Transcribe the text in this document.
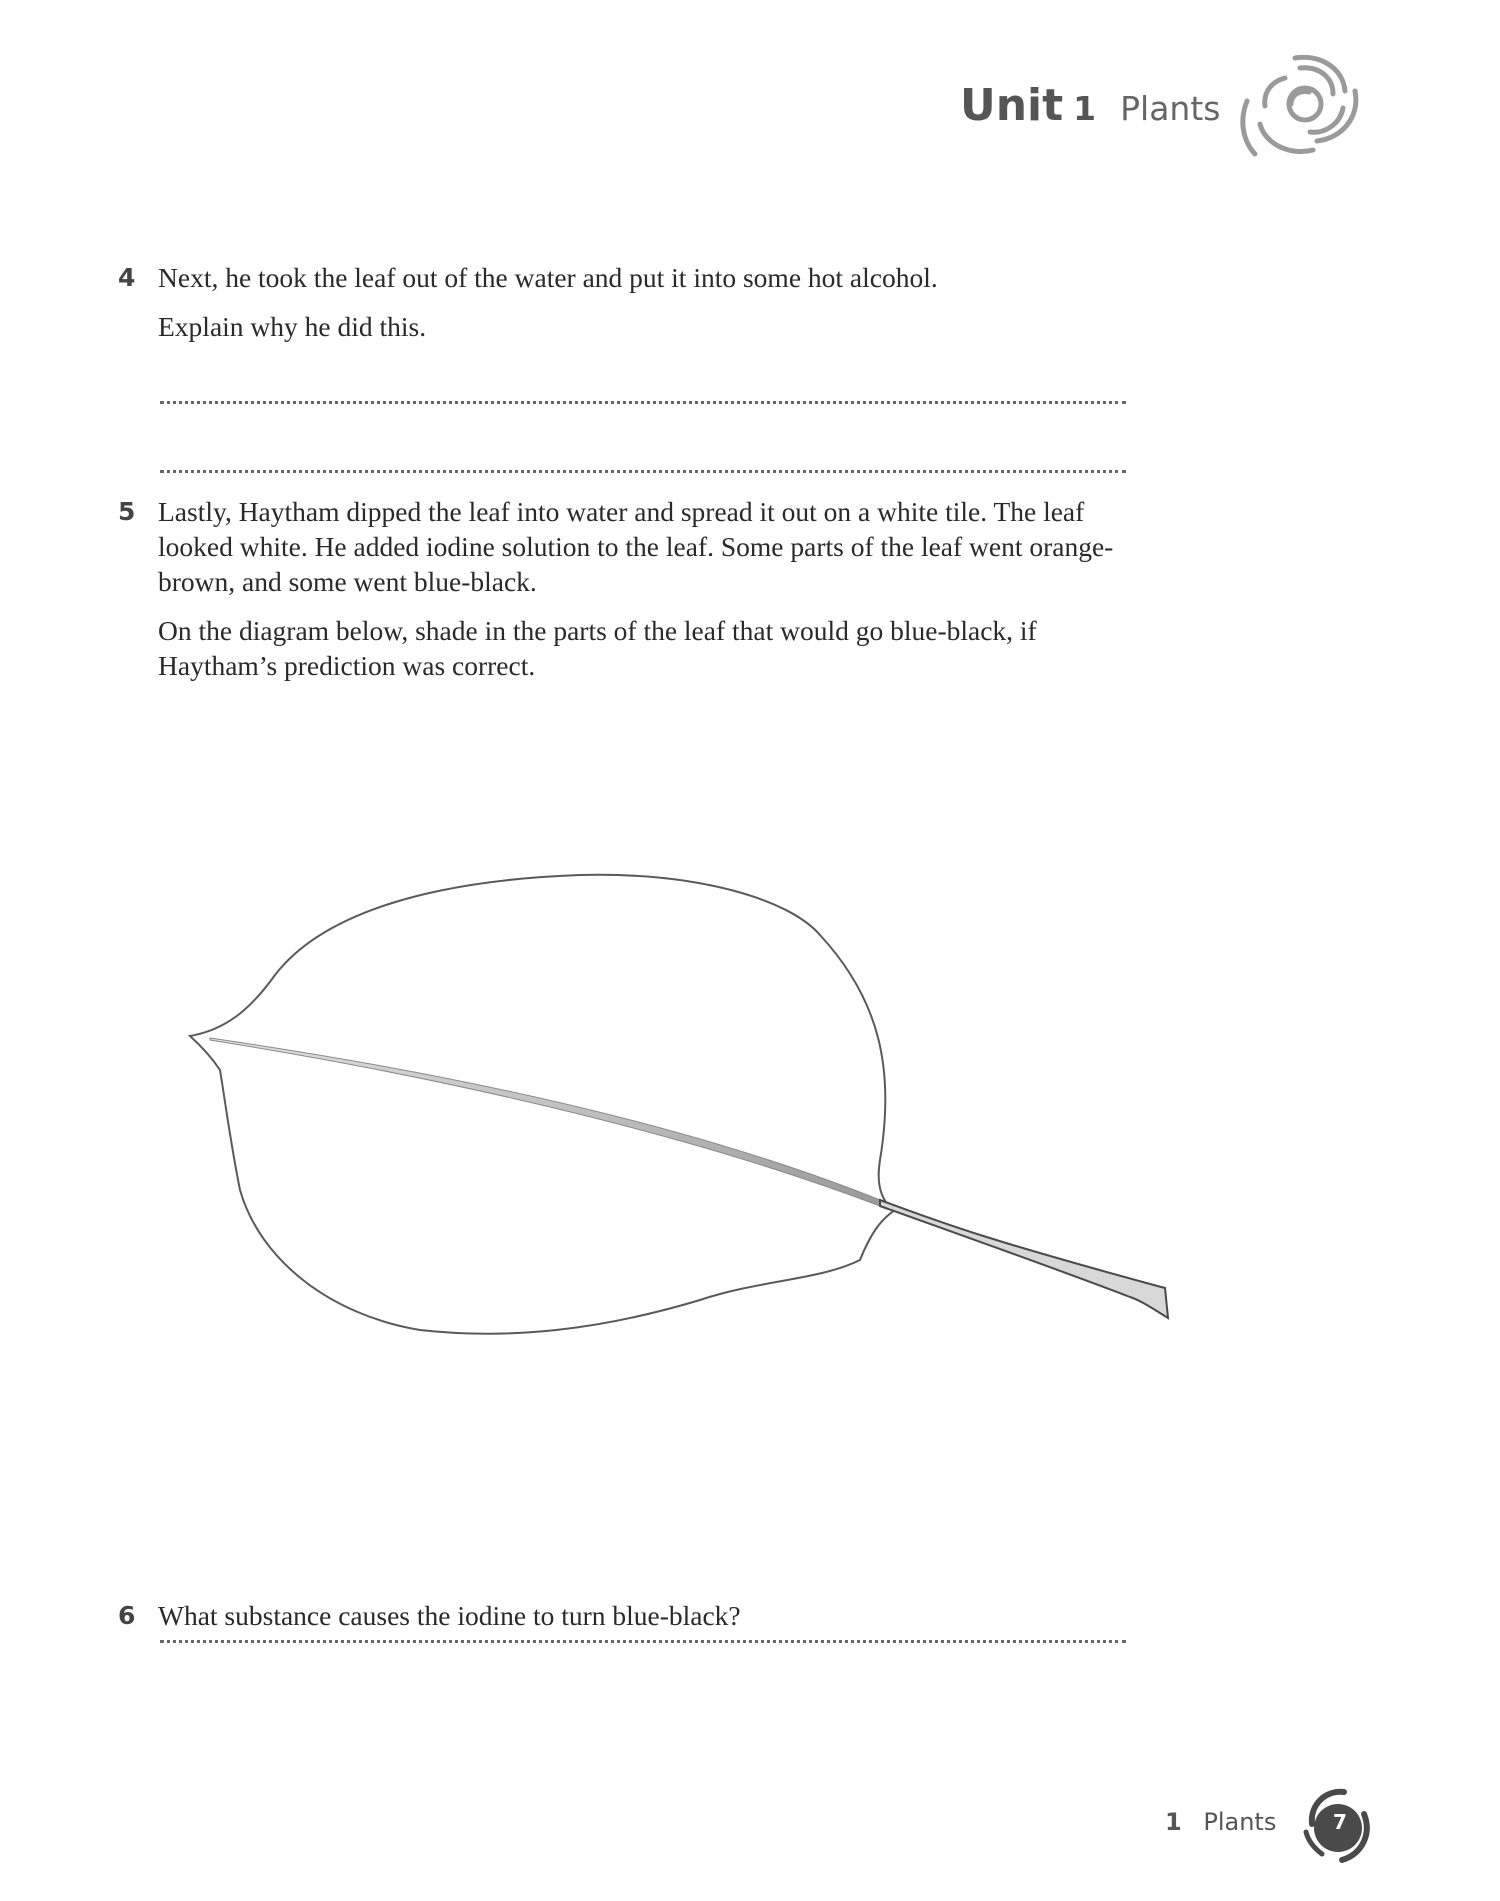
Unit 1 Plants
4 Next, he took the leaf out of the water and put it into some hot alcohol.

Explain why he did this.

5 Lastly, Haytham dipped the leaf into water and spread it out on a white tile. The leaf looked white. He added iodine solution to the leaf. Some parts of the leaf went orange-brown, and some went blue-black.

On the diagram below, shade in the parts of the leaf that would go blue-black, if Haytham’s prediction was correct.

6 What substance causes the iodine to turn blue-black?

1 Plants	7
